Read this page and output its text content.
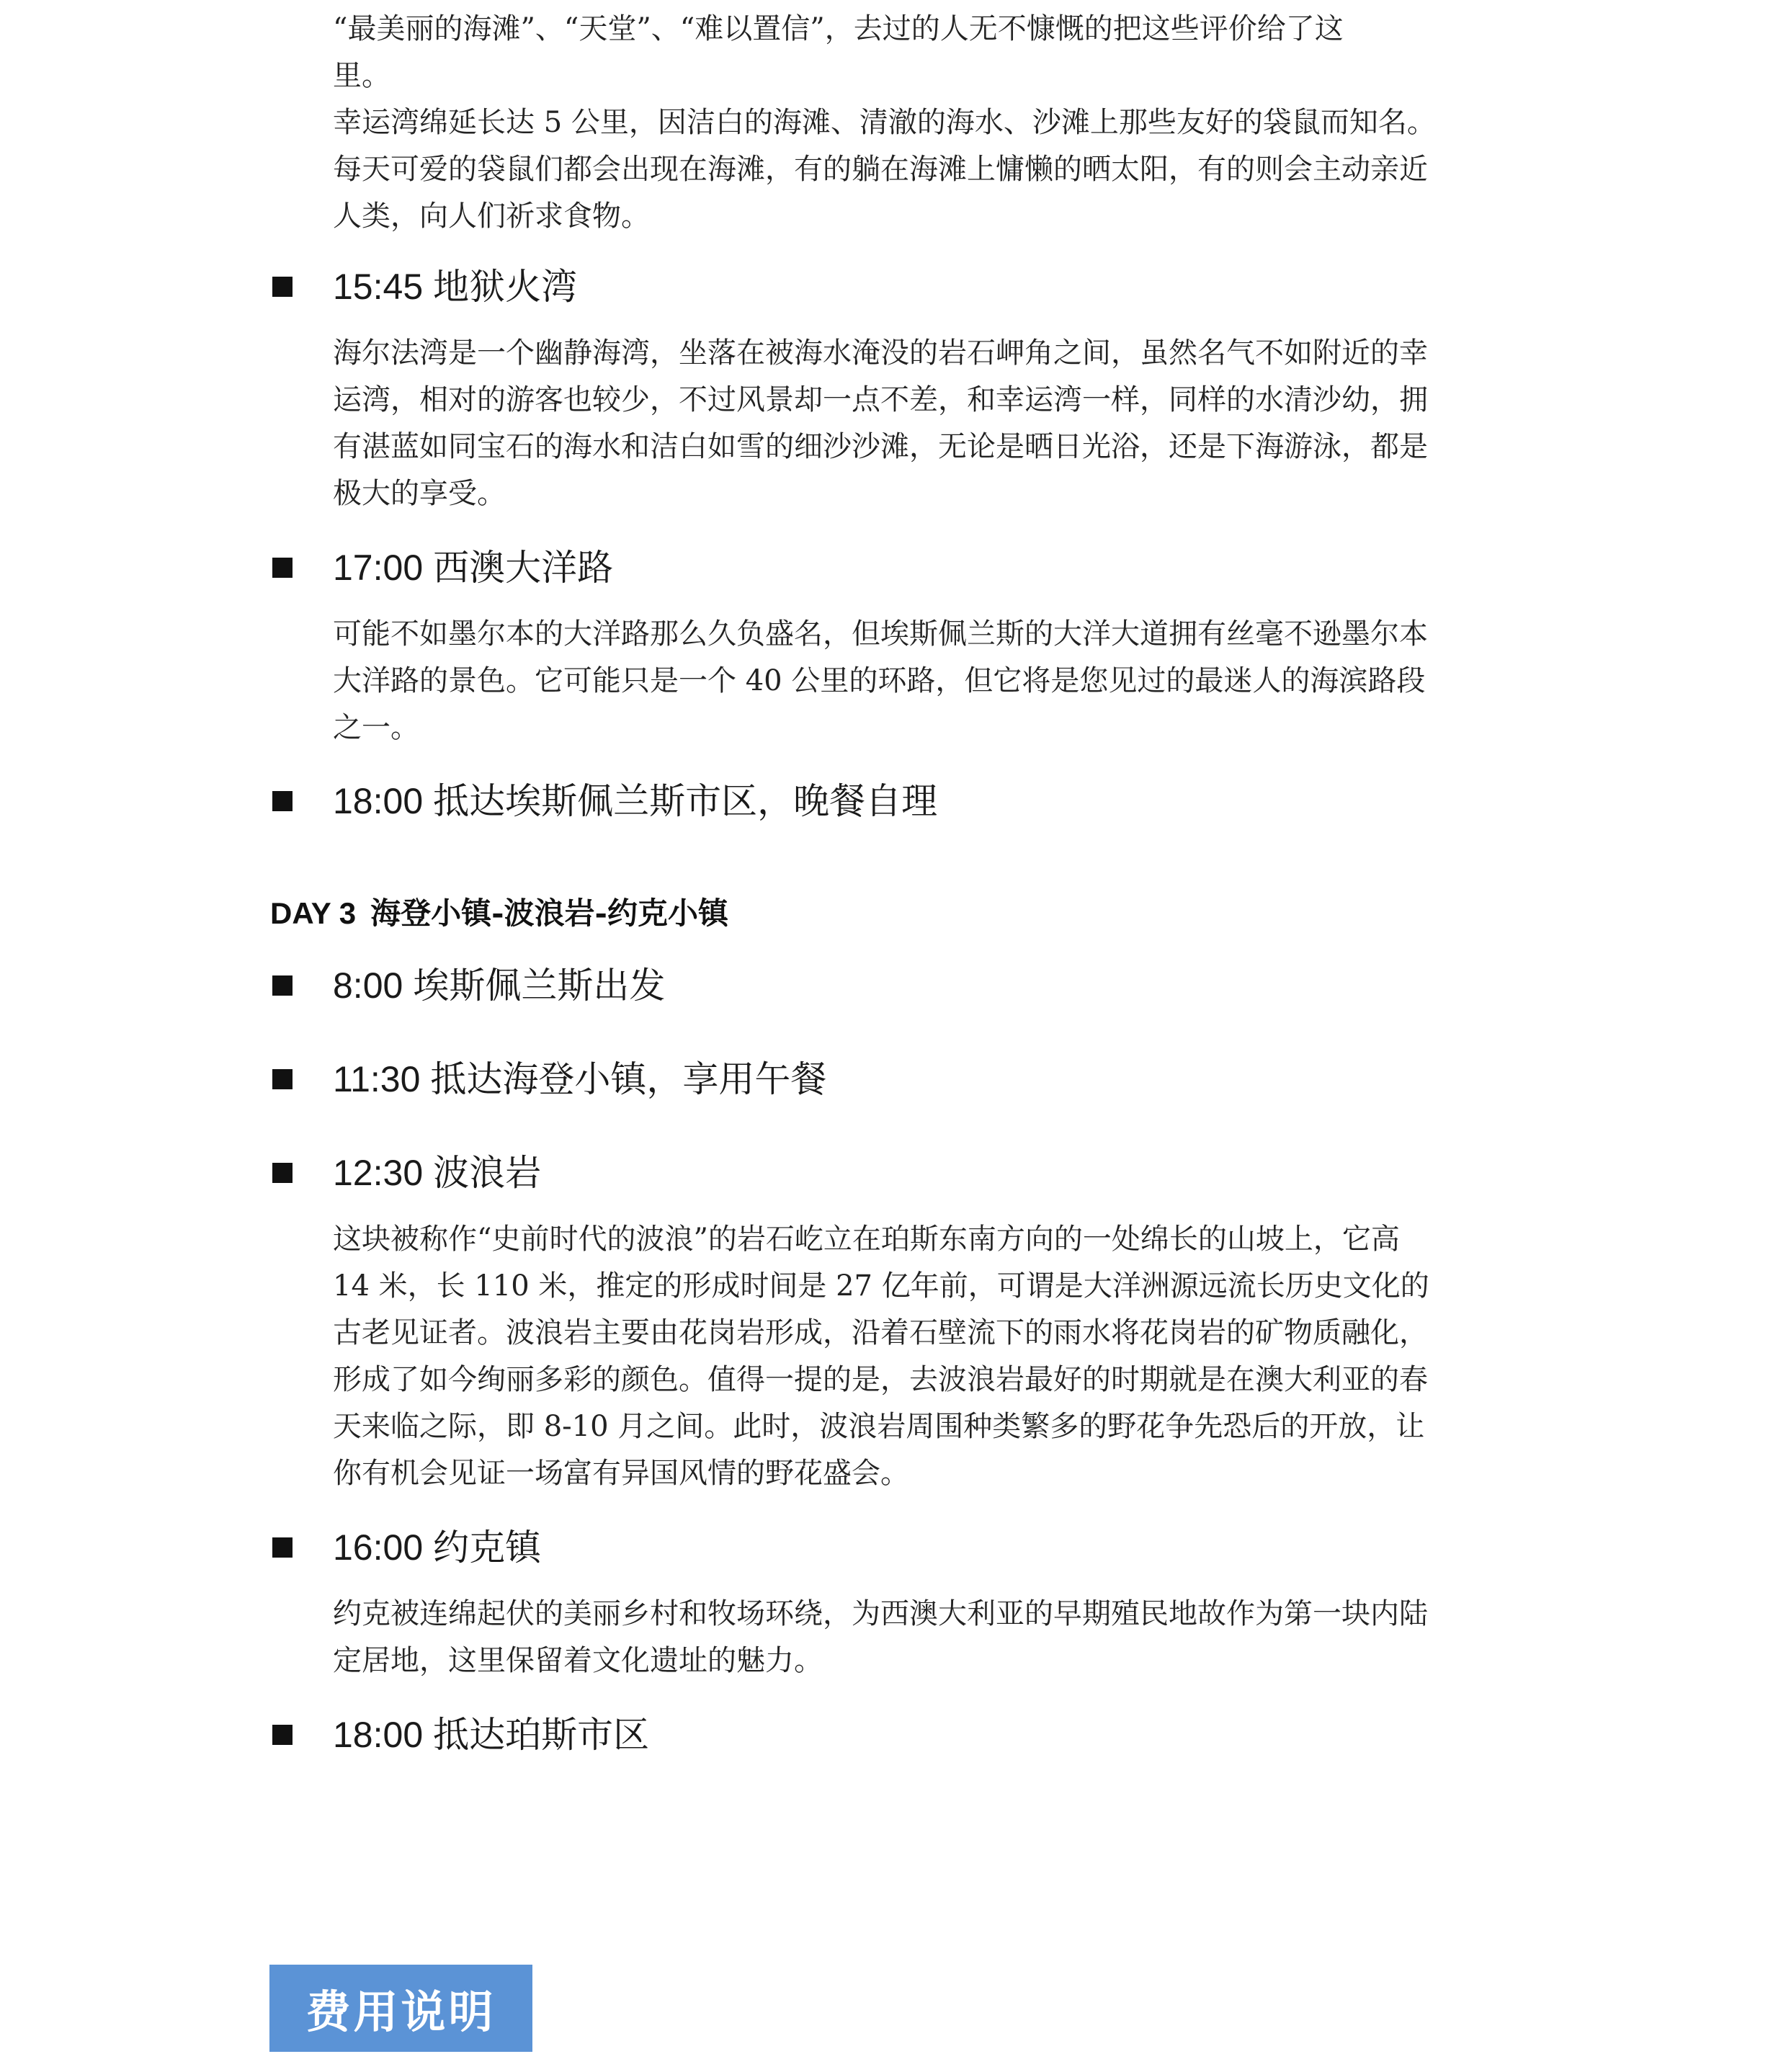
“最美丽的海滩”、“天堂”、“难以置信”，去过的人无不慷慨的把这些评价给了这
里。
幸运湾绵延长达 5 公里，因洁白的海滩、清澈的海水、沙滩上那些友好的袋鼠而知名。
每天可爱的袋鼠们都会出现在海滩，有的躺在海滩上慵懒的晒太阳，有的则会主动亲近
人类，向人们祈求食物。
15:45 地狱火湾
海尔法湾是一个幽静海湾，坐落在被海水淹没的岩石岬角之间，虽然名气不如附近的幸
运湾，相对的游客也较少，不过风景却一点不差，和幸运湾一样，同样的水清沙幼，拥
有湛蓝如同宝石的海水和洁白如雪的细沙沙滩，无论是晒日光浴，还是下海游泳，都是
极大的享受。
17:00 西澳大洋路
可能不如墨尔本的大洋路那么久负盛名，但埃斯佩兰斯的大洋大道拥有丝毫不逊墨尔本
大洋路的景色。它可能只是一个 40 公里的环路，但它将是您见过的最迷人的海滨路段
之一。
18:00 抵达埃斯佩兰斯市区，晚餐自理
DAY 3 海登小镇-波浪岩-约克小镇
8:00 埃斯佩兰斯出发
11:30 抵达海登小镇，享用午餐
12:30 波浪岩
这块被称作“史前时代的波浪”的岩石屹立在珀斯东南方向的一处绵长的山坡上，它高
14 米，长 110 米，推定的形成时间是 27 亿年前，可谓是大洋洲源远流长历史文化的
古老见证者。波浪岩主要由花岗岩形成，沿着石壁流下的雨水将花岗岩的矿物质融化，
形成了如今绚丽多彩的颜色。值得一提的是，去波浪岩最好的时期就是在澳大利亚的春
天来临之际，即 8-10 月之间。此时，波浪岩周围种类繁多的野花争先恐后的开放，让
你有机会见证一场富有异国风情的野花盛会。
16:00 约克镇
约克被连绵起伏的美丽乡村和牧场环绕，为西澳大利亚的早期殖民地故作为第一块内陆
定居地，这里保留着文化遗址的魅力。
18:00 抵达珀斯市区
费用说明
